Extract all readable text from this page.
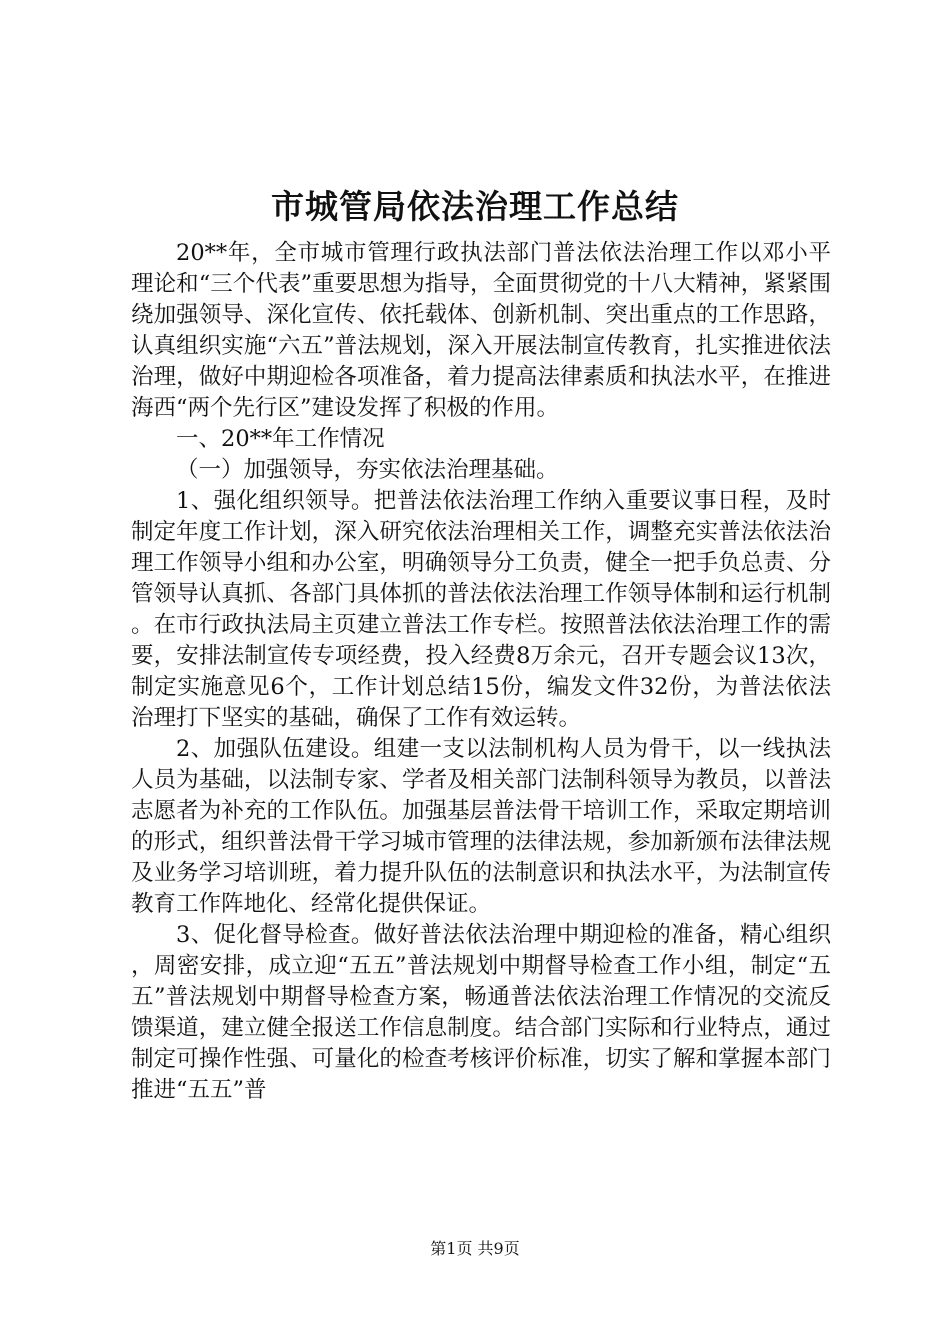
市城管局依法治理工作总结

20**年，全市城市管理行政执法部门普法依法治理工作以邓小平理论和“三个代表”重要思想为指导，全面贯彻党的十八大精神，紧紧围绕加强领导、深化宣传、依托载体、创新机制、突出重点的工作思路，认真组织实施“六五”普法规划，深入开展法制宣传教育，扎实推进依法治理，做好中期迎检各项准备，着力提高法律素质和执法水平，在推进海西“两个先行区”建设发挥了积极的作用。

一、20**年工作情况

（一）加强领导，夯实依法治理基础。

1、强化组织领导。把普法依法治理工作纳入重要议事日程，及时制定年度工作计划，深入研究依法治理相关工作，调整充实普法依法治理工作领导小组和办公室，明确领导分工负责，健全一把手负总责、分管领导认真抓、各部门具体抓的普法依法治理工作领导体制和运行机制。在市行政执法局主页建立普法工作专栏。按照普法依法治理工作的需要，安排法制宣传专项经费，投入经费8万余元，召开专题会议13次，制定实施意见6个，工作计划总结15份，编发文件32份，为普法依法治理打下坚实的基础，确保了工作有效运转。

2、加强队伍建设。组建一支以法制机构人员为骨干，以一线执法人员为基础，以法制专家、学者及相关部门法制科领导为教员，以普法志愿者为补充的工作队伍。加强基层普法骨干培训工作，采取定期培训的形式，组织普法骨干学习城市管理的法律法规，参加新颁布法律法规及业务学习培训班，着力提升队伍的法制意识和执法水平，为法制宣传教育工作阵地化、经常化提供保证。

3、促化督导检查。做好普法依法治理中期迎检的准备，精心组织，周密安排，成立迎“五五”普法规划中期督导检查工作小组，制定“五五”普法规划中期督导检查方案，畅通普法依法治理工作情况的交流反馈渠道，建立健全报送工作信息制度。结合部门实际和行业特点，通过制定可操作性强、可量化的检查考核评价标准，切实了解和掌握本部门推进“五五”普

第1页 共9页
